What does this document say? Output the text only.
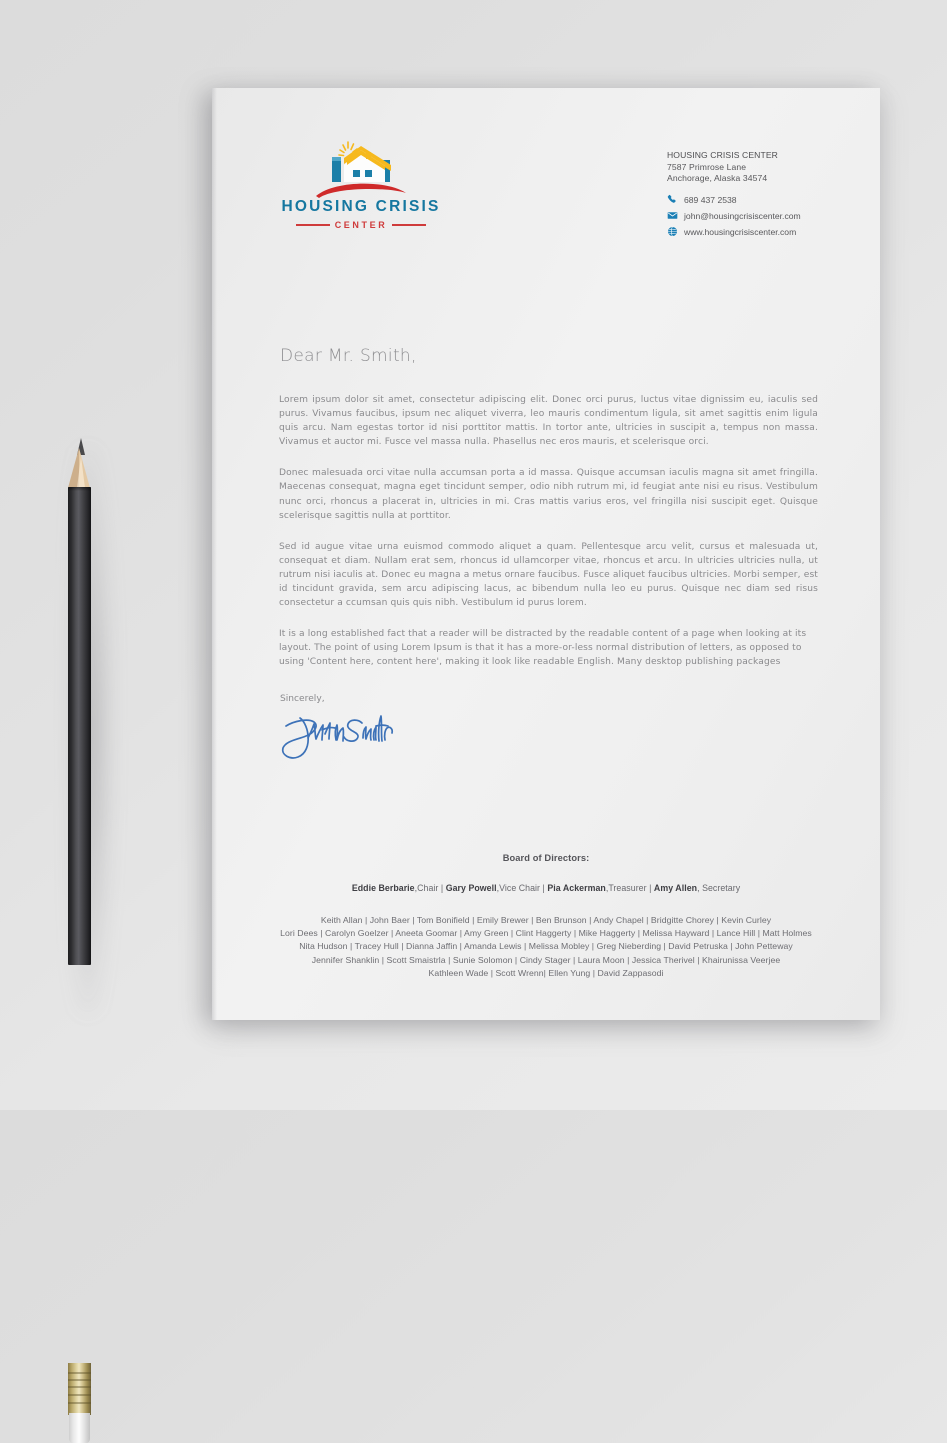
HOUSING CRISIS
CENTER
HOUSING CRISIS CENTER
7587 Primrose Lane
Anchorage, Alaska 34574
689 437 2538
john@housingcrisiscenter.com
www.housingcrisiscenter.com
Dear Mr. Smith,

Lorem ipsum dolor sit amet, consectetur adipiscing elit. Donec orci purus, luctus vitae dignissim eu, iaculis sed purus. Vivamus faucibus, ipsum nec aliquet viverra, leo mauris condimentum ligula, sit amet sagittis enim ligula quis arcu. Nam egestas tortor id nisi porttitor mattis. In tortor ante, ultricies in suscipit a, tempus non massa. Vivamus et auctor mi. Fusce vel massa nulla. Phasellus nec eros mauris, et scelerisque orci.

Donec malesuada orci vitae nulla accumsan porta a id massa. Quisque accumsan iaculis magna sit amet fringilla. Maecenas consequat, magna eget tincidunt semper, odio nibh rutrum mi, id feugiat ante nisi eu risus. Vestibulum nunc orci, rhoncus a placerat in, ultricies in mi. Cras mattis varius eros, vel fringilla nisi suscipit eget. Quisque scelerisque sagittis nulla at porttitor.

Sed id augue vitae urna euismod commodo aliquet a quam. Pellentesque arcu velit, cursus et malesuada ut, consequat et diam. Nullam erat sem, rhoncus id ullamcorper vitae, rhoncus et arcu. In ultricies ultricies nulla, ut rutrum nisi iaculis at. Donec eu magna a metus ornare faucibus. Fusce aliquet faucibus ultricies. Morbi semper, est id tincidunt gravida, sem arcu adipiscing lacus, ac bibendum nulla leo eu purus. Quisque nec diam sed risus consectetur a ccumsan quis quis nibh. Vestibulum id purus lorem.

It is a long established fact that a reader will be distracted by the readable content of a page when looking at its layout. The point of using Lorem Ipsum is that it has a more-or-less normal distribution of letters, as opposed to using 'Content here, content here', making it look like readable English. Many desktop publishing packages

Sincerely,
Board of Directors:
Eddie Berbarie,Chair | Gary Powell,Vice Chair | Pia Ackerman,Treasurer | Amy Allen, Secretary
Keith Allan | John Baer | Tom Bonifield | Emily Brewer | Ben Brunson | Andy Chapel | Bridgitte Chorey | Kevin Curley
Lori Dees | Carolyn Goelzer | Aneeta Goomar | Amy Green | Clint Haggerty | Mike Haggerty | Melissa Hayward | Lance Hill | Matt Holmes
Nita Hudson | Tracey Hull | Dianna Jaffin | Amanda Lewis | Melissa Mobley | Greg Nieberding | David Petruska | John Petteway
Jennifer Shanklin | Scott Smaistrla | Sunie Solomon | Cindy Stager | Laura Moon | Jessica Therivel | Khairunissa Veerjee
Kathleen Wade | Scott Wrenn| Ellen Yung | David Zappasodi
